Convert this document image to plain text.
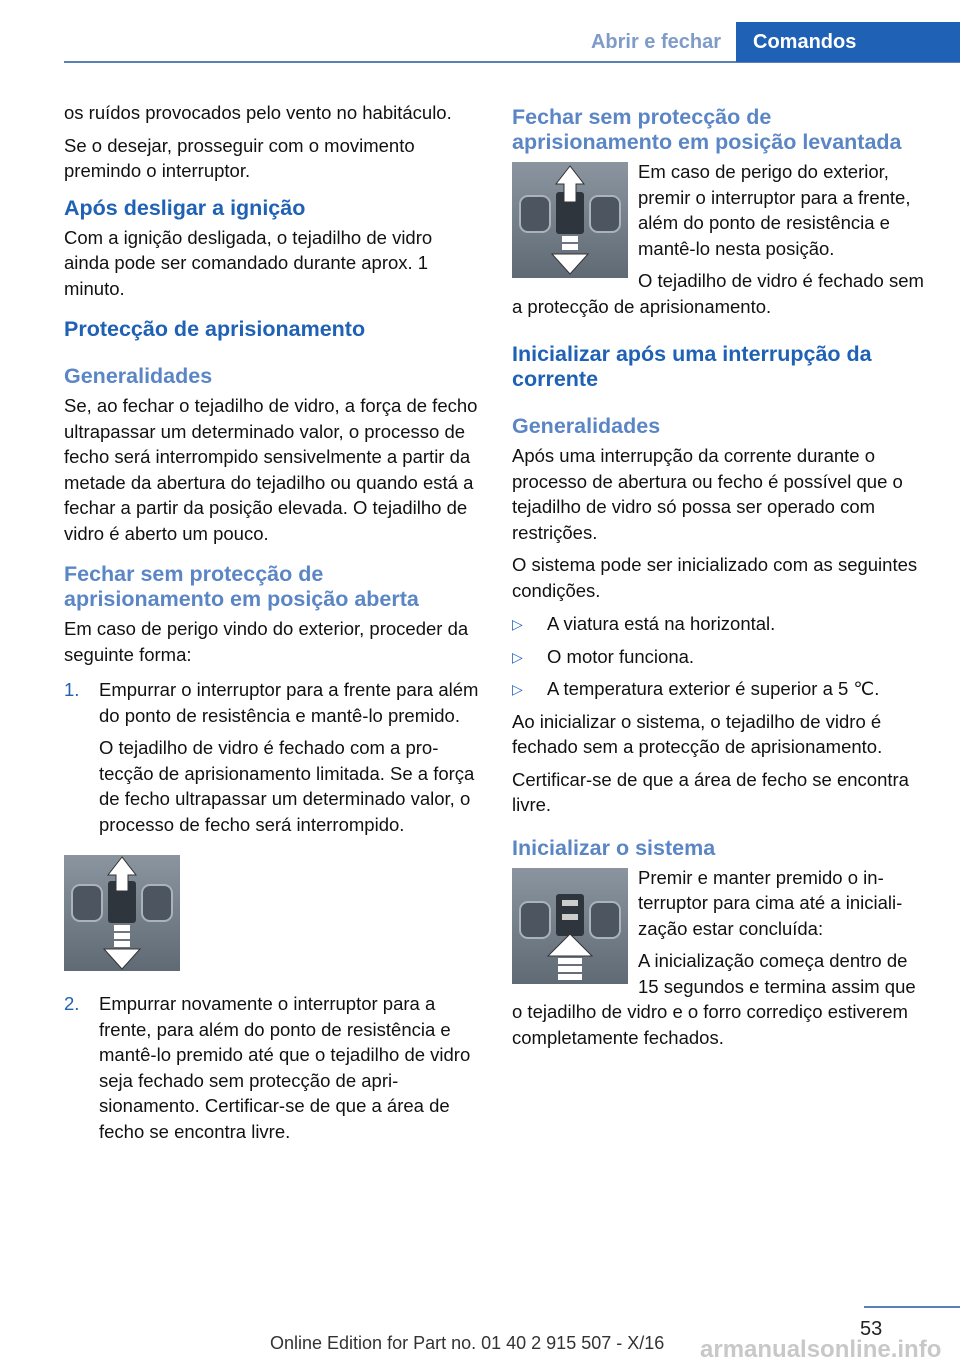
Abrir e fechar	Comandos

os ruídos provocados pelo vento no habitáculo.

Se o desejar, prosseguir com o movimento premindo o interruptor.

Após desligar a ignição

Com a ignição desligada, o tejadilho de vidro ainda pode ser comandado durante aprox. 1 minuto.

Protecção de aprisionamento
Generalidades

Se, ao fechar o tejadilho de vidro, a força de fecho ultrapassar um determinado valor, o processo de fecho será interrompido sensivelmente a partir da metade da abertura do tejadilho ou quando está a fechar a partir da posição elevada. O tejadilho de vidro é aberto um pouco.

Fechar sem protecção de aprisionamento em posição aberta

Em caso de perigo vindo do exterior, proceder da seguinte forma:

1. Empurrar o interruptor para a frente para além do ponto de resistência e mantê-lo premido.

O tejadilho de vidro é fechado com a protecção de aprisionamento limitada. Se a força de fecho ultrapassar um determinado valor, o processo de fecho será interrompido.

2. Empurrar novamente o interruptor para a frente, para além do ponto de resistência e mantê-lo premido até que o tejadilho de vidro seja fechado sem protecção de aprisionamento. Certificar-se de que a área de fecho se encontra livre.

Fechar sem protecção de aprisionamento em posição levantada

Em caso de perigo do exterior, premir o interruptor para a frente, além do ponto de resistência e mantê-lo nesta posição.

O tejadilho de vidro é fechado sem a protecção de aprisionamento.

Inicializar após uma interrupção da corrente
Generalidades

Após uma interrupção da corrente durante o processo de abertura ou fecho é possível que o tejadilho de vidro só possa ser operado com restrições.

O sistema pode ser inicializado com as seguintes condições.

▷ A viatura está na horizontal.

▷ O motor funciona.

▷ A temperatura exterior é superior a 5 ℃.

Ao inicializar o sistema, o tejadilho de vidro é fechado sem a protecção de aprisionamento.

Certificar-se de que a área de fecho se encontra livre.

Inicializar o sistema

Premir e manter premido o interruptor para cima até a inicialização estar concluída:

A inicialização começa dentro de 15 segundos e termina assim que o tejadilho de vidro e o forro corrediço estiverem completamente fechados.

53
armanualsonline.info
Online Edition for Part no. 01 40 2 915 507 - X/16
